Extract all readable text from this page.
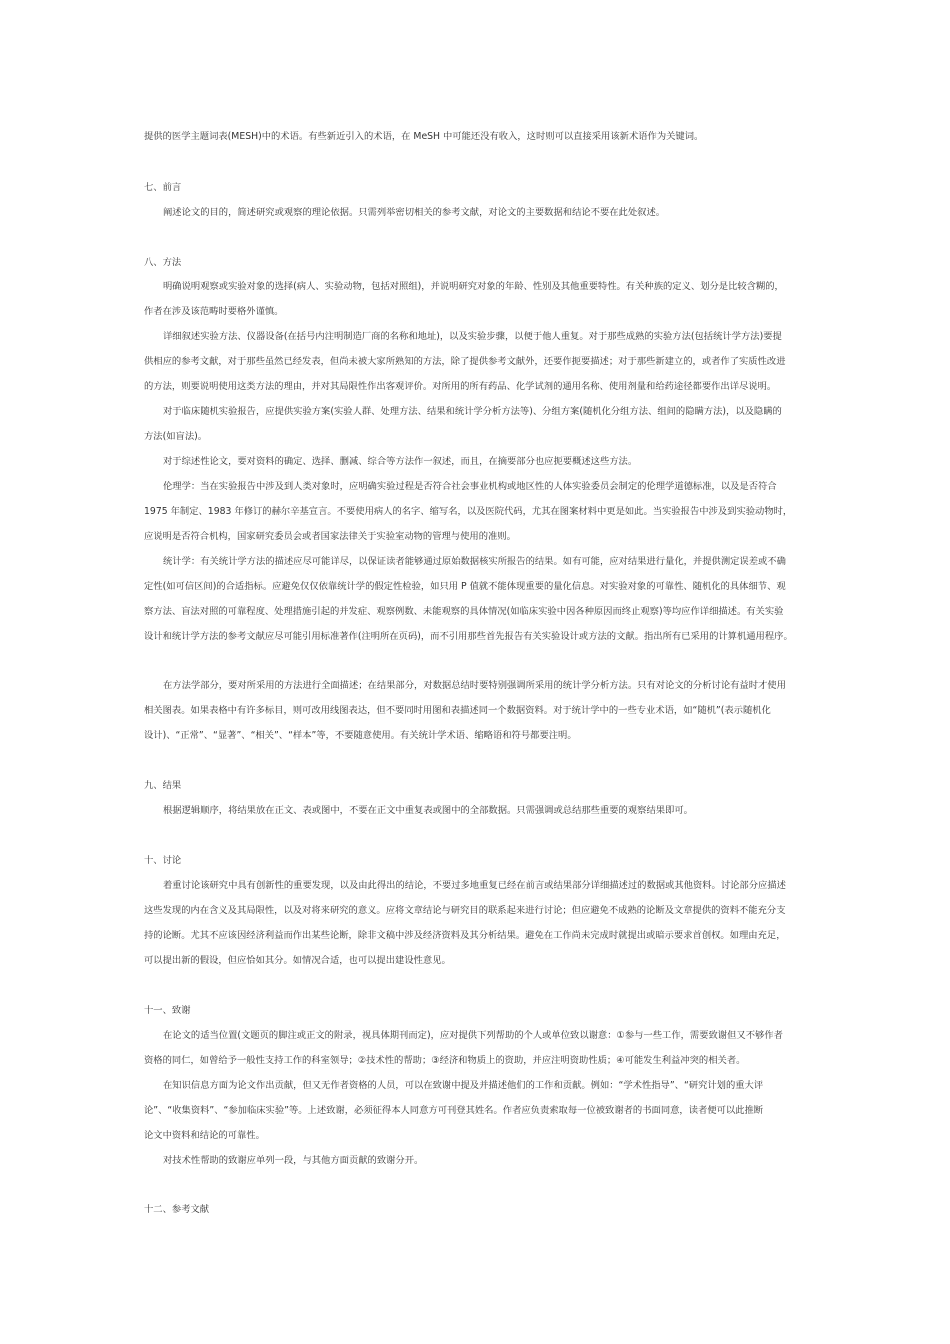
提供的医学主题词表(MESH)中的术语。有些新近引入的术语，在 MeSH 中可能还没有收入，这时则可以直接采用该新术语作为关键词。

七、前言

阐述论文的目的，简述研究或观察的理论依据。只需列举密切相关的参考文献，对论文的主要数据和结论不要在此处叙述。

八、方法

明确说明观察或实验对象的选择(病人、实验动物，包括对照组)，并说明研究对象的年龄、性别及其他重要特性。有关种族的定义、划分是比较含糊的，

作者在涉及该范畴时要格外谨慎。

详细叙述实验方法、仪器设备(在括号内注明制造厂商的名称和地址)，以及实验步骤，以便于他人重复。对于那些成熟的实验方法(包括统计学方法)要提

供相应的参考文献，对于那些虽然已经发表，但尚未被大家所熟知的方法，除了提供参考文献外，还要作扼要描述；对于那些新建立的，或者作了实质性改进

的方法，则要说明使用这类方法的理由，并对其局限性作出客观评价。对所用的所有药品、化学试剂的通用名称、使用剂量和给药途径都要作出详尽说明。

对于临床随机实验报告，应提供实验方案(实验人群、处理方法、结果和统计学分析方法等)、分组方案(随机化分组方法、组间的隐瞒方法)，以及隐瞒的

方法(如盲法)。

对于综述性论文，要对资料的确定、选择、删减、综合等方法作一叙述，而且，在摘要部分也应扼要概述这些方法。

伦理学：当在实验报告中涉及到人类对象时，应明确实验过程是否符合社会事业机构或地区性的人体实验委员会制定的伦理学道德标准，以及是否符合

1975 年制定、1983 年修订的赫尔辛基宣言。不要使用病人的名字、缩写名，以及医院代码，尤其在图案材料中更是如此。当实验报告中涉及到实验动物时，

应说明是否符合机构，国家研究委员会或者国家法律关于实验室动物的管理与使用的准则。

统计学：有关统计学方法的描述应尽可能详尽，以保证读者能够通过原始数据核实所报告的结果。如有可能，应对结果进行量化，并提供测定误差或不确

定性(如可信区间)的合适指标。应避免仅仅依靠统计学的假定性检验，如只用 P 值就不能体现重要的量化信息。对实验对象的可靠性、随机化的具体细节、观

察方法、盲法对照的可靠程度、处理措施引起的并发症、观察例数、未能观察的具体情况(如临床实验中因各种原因而终止观察)等均应作详细描述。有关实验

设计和统计学方法的参考文献应尽可能引用标准著作(注明所在页码)，而不引用那些首先报告有关实验设计或方法的文献。指出所有已采用的计算机通用程序。

在方法学部分，要对所采用的方法进行全面描述；在结果部分，对数据总结时要特别强调所采用的统计学分析方法。只有对论文的分析讨论有益时才使用

相关图表。如果表格中有许多标目，则可改用线图表达，但不要同时用图和表描述同一个数据资料。对于统计学中的一些专业术语，如“随机”(表示随机化

设计)、“正常”、“显著”、“相关”、“样本”等，不要随意使用。有关统计学术语、缩略语和符号都要注明。

九、结果

根据逻辑顺序，将结果放在正文、表或图中，不要在正文中重复表或图中的全部数据。只需强调或总结那些重要的观察结果即可。

十、讨论

着重讨论该研究中具有创新性的重要发现，以及由此得出的结论，不要过多地重复已经在前言或结果部分详细描述过的数据或其他资料。讨论部分应描述

这些发现的内在含义及其局限性，以及对将来研究的意义。应将文章结论与研究目的联系起来进行讨论；但应避免不成熟的论断及文章提供的资料不能充分支

持的论断。尤其不应该因经济利益而作出某些论断，除非文稿中涉及经济资料及其分析结果。避免在工作尚未完成时就提出或暗示要求首创权。如理由充足，

可以提出新的假设，但应恰如其分。如情况合适，也可以提出建设性意见。

十一、致谢

在论文的适当位置(文题页的脚注或正文的附录，视具体期刊而定)，应对提供下列帮助的个人或单位致以谢意：①参与一些工作，需要致谢但又不够作者

资格的同仁，如曾给予一般性支持工作的科室领导；②技术性的帮助；③经济和物质上的资助，并应注明资助性质；④可能发生利益冲突的相关者。

在知识信息方面为论文作出贡献，但又无作者资格的人员，可以在致谢中提及并描述他们的工作和贡献。例如：“学术性指导”、“研究计划的重大评

论”、“收集资料”、“参加临床实验”等。上述致谢，必须征得本人同意方可刊登其姓名。作者应负责索取每一位被致谢者的书面同意，读者便可以此推断

论文中资料和结论的可靠性。

对技术性帮助的致谢应单列一段，与其他方面贡献的致谢分开。

十二、参考文献
